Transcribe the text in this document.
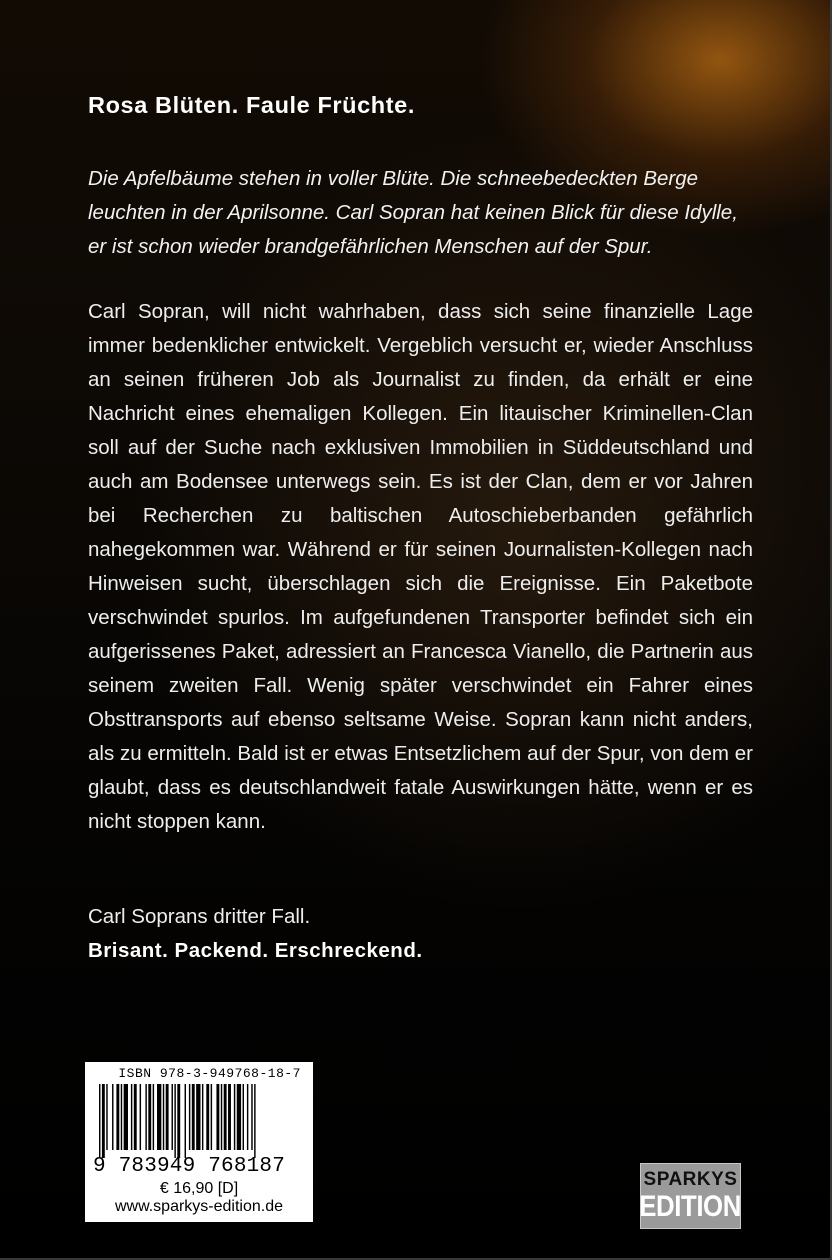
Rosa Blüten. Faule Früchte.

Die Apfelbäume stehen in voller Blüte. Die schneebedeckten Berge leuchten in der Aprilsonne. Carl Sopran hat keinen Blick für diese Idylle, er ist schon wieder brandgefährlichen Menschen auf der Spur.

Carl Sopran, will nicht wahrhaben, dass sich seine finanzielle Lage immer bedenklicher entwickelt. Vergeblich versucht er, wieder Anschluss an seinen früheren Job als Journalist zu finden, da erhält er eine Nachricht eines ehemaligen Kollegen. Ein litauischer Kriminellen-Clan soll auf der Suche nach exklusiven Immobilien in Süddeutschland und auch am Bodensee unterwegs sein. Es ist der Clan, dem er vor Jahren bei Recherchen zu baltischen Autoschieberbanden gefährlich nahegekommen war. Während er für seinen Journalisten-Kollegen nach Hinweisen sucht, überschlagen sich die Ereignisse. Ein Paketbote verschwindet spurlos. Im aufgefundenen Transporter befindet sich ein aufgerissenes Paket, adressiert an Francesca Vianello, die Partnerin aus seinem zweiten Fall. Wenig später verschwindet ein Fahrer eines Obsttransports auf ebenso seltsame Weise. Sopran kann nicht anders, als zu ermitteln. Bald ist er etwas Entsetzlichem auf der Spur, von dem er glaubt, dass es deutschlandweit fatale Auswirkungen hätte, wenn er es nicht stoppen kann.

Carl Soprans dritter Fall.

Brisant. Packend. Erschreckend.

ISBN 978-3-949768-18-7
9 783949 768187
€ 16,90 [D]
www.sparkys-edition.de
SPARKYS
EDITION
